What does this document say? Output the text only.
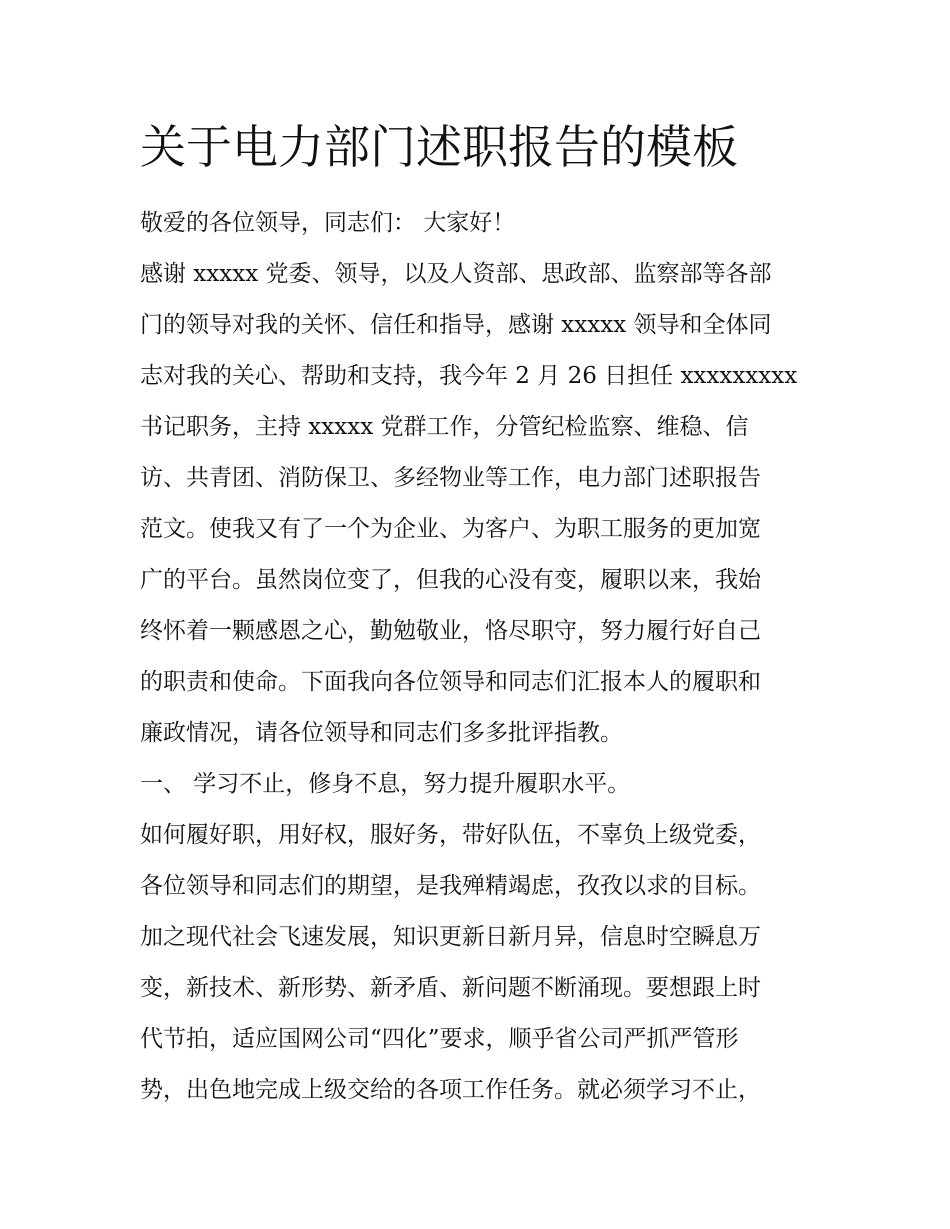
关于电力部门述职报告的模板
敬爱的各位领导，同志们： 大家好！
感谢 xxxxx 党委、领导，以及人资部、思政部、监察部等各部
门的领导对我的关怀、信任和指导，感谢 xxxxx 领导和全体同
志对我的关心、帮助和支持，我今年 2 月 26 日担任 xxxxxxxxx
书记职务，主持 xxxxx 党群工作，分管纪检监察、维稳、信
访、共青团、消防保卫、多经物业等工作，电力部门述职报告
范文。使我又有了一个为企业、为客户、为职工服务的更加宽
广的平台。虽然岗位变了，但我的心没有变，履职以来，我始
终怀着一颗感恩之心，勤勉敬业，恪尽职守，努力履行好自己
的职责和使命。下面我向各位领导和同志们汇报本人的履职和
廉政情况，请各位领导和同志们多多批评指教。
一、 学习不止，修身不息，努力提升履职水平。
如何履好职，用好权，服好务，带好队伍，不辜负上级党委，
各位领导和同志们的期望，是我殚精竭虑，孜孜以求的目标。
加之现代社会飞速发展，知识更新日新月异，信息时空瞬息万
变，新技术、新形势、新矛盾、新问题不断涌现。要想跟上时
代节拍，适应国网公司“四化”要求，顺乎省公司严抓严管形
势，出色地完成上级交给的各项工作任务。就必须学习不止，
